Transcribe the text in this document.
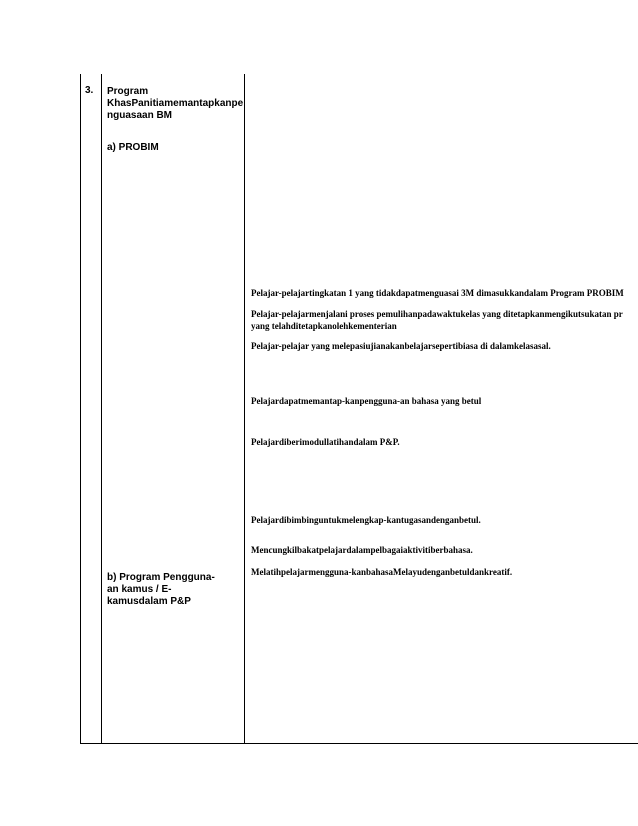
3. Program KhasPanitiamemantapkanpe nguasaan BM
a) PROBIM
b) Program Pengguna-an kamus / E-kamusdalam P&P
Pelajar-pelajartingkatan 1 yang tidakdapatmenguasai 3M dimasukkandalam Program PROBIM
Pelajar-pelajarmenjalani proses pemulihanpadawaktukelas yang ditetapkanmengikutsukatan pr
yang telahditetapkanolehkementerian
Pelajar-pelajar yang melepasiujianakanbelajarsepertibiasa di dalamkelasasal.
Pelajardapatmemantap-kanpengguna-an bahasa yang betul
Pelajardiberimodullatihandalam P&P.
Pelajardibimbinguntukmelengkap-kantugasandenganbetul.
Mencungkilbakatpelajardalampelbagaiaktivitiberbahasa.
Melatihpelajarmengguna-kanbahasaMelayudenganbetuldankreatif.
